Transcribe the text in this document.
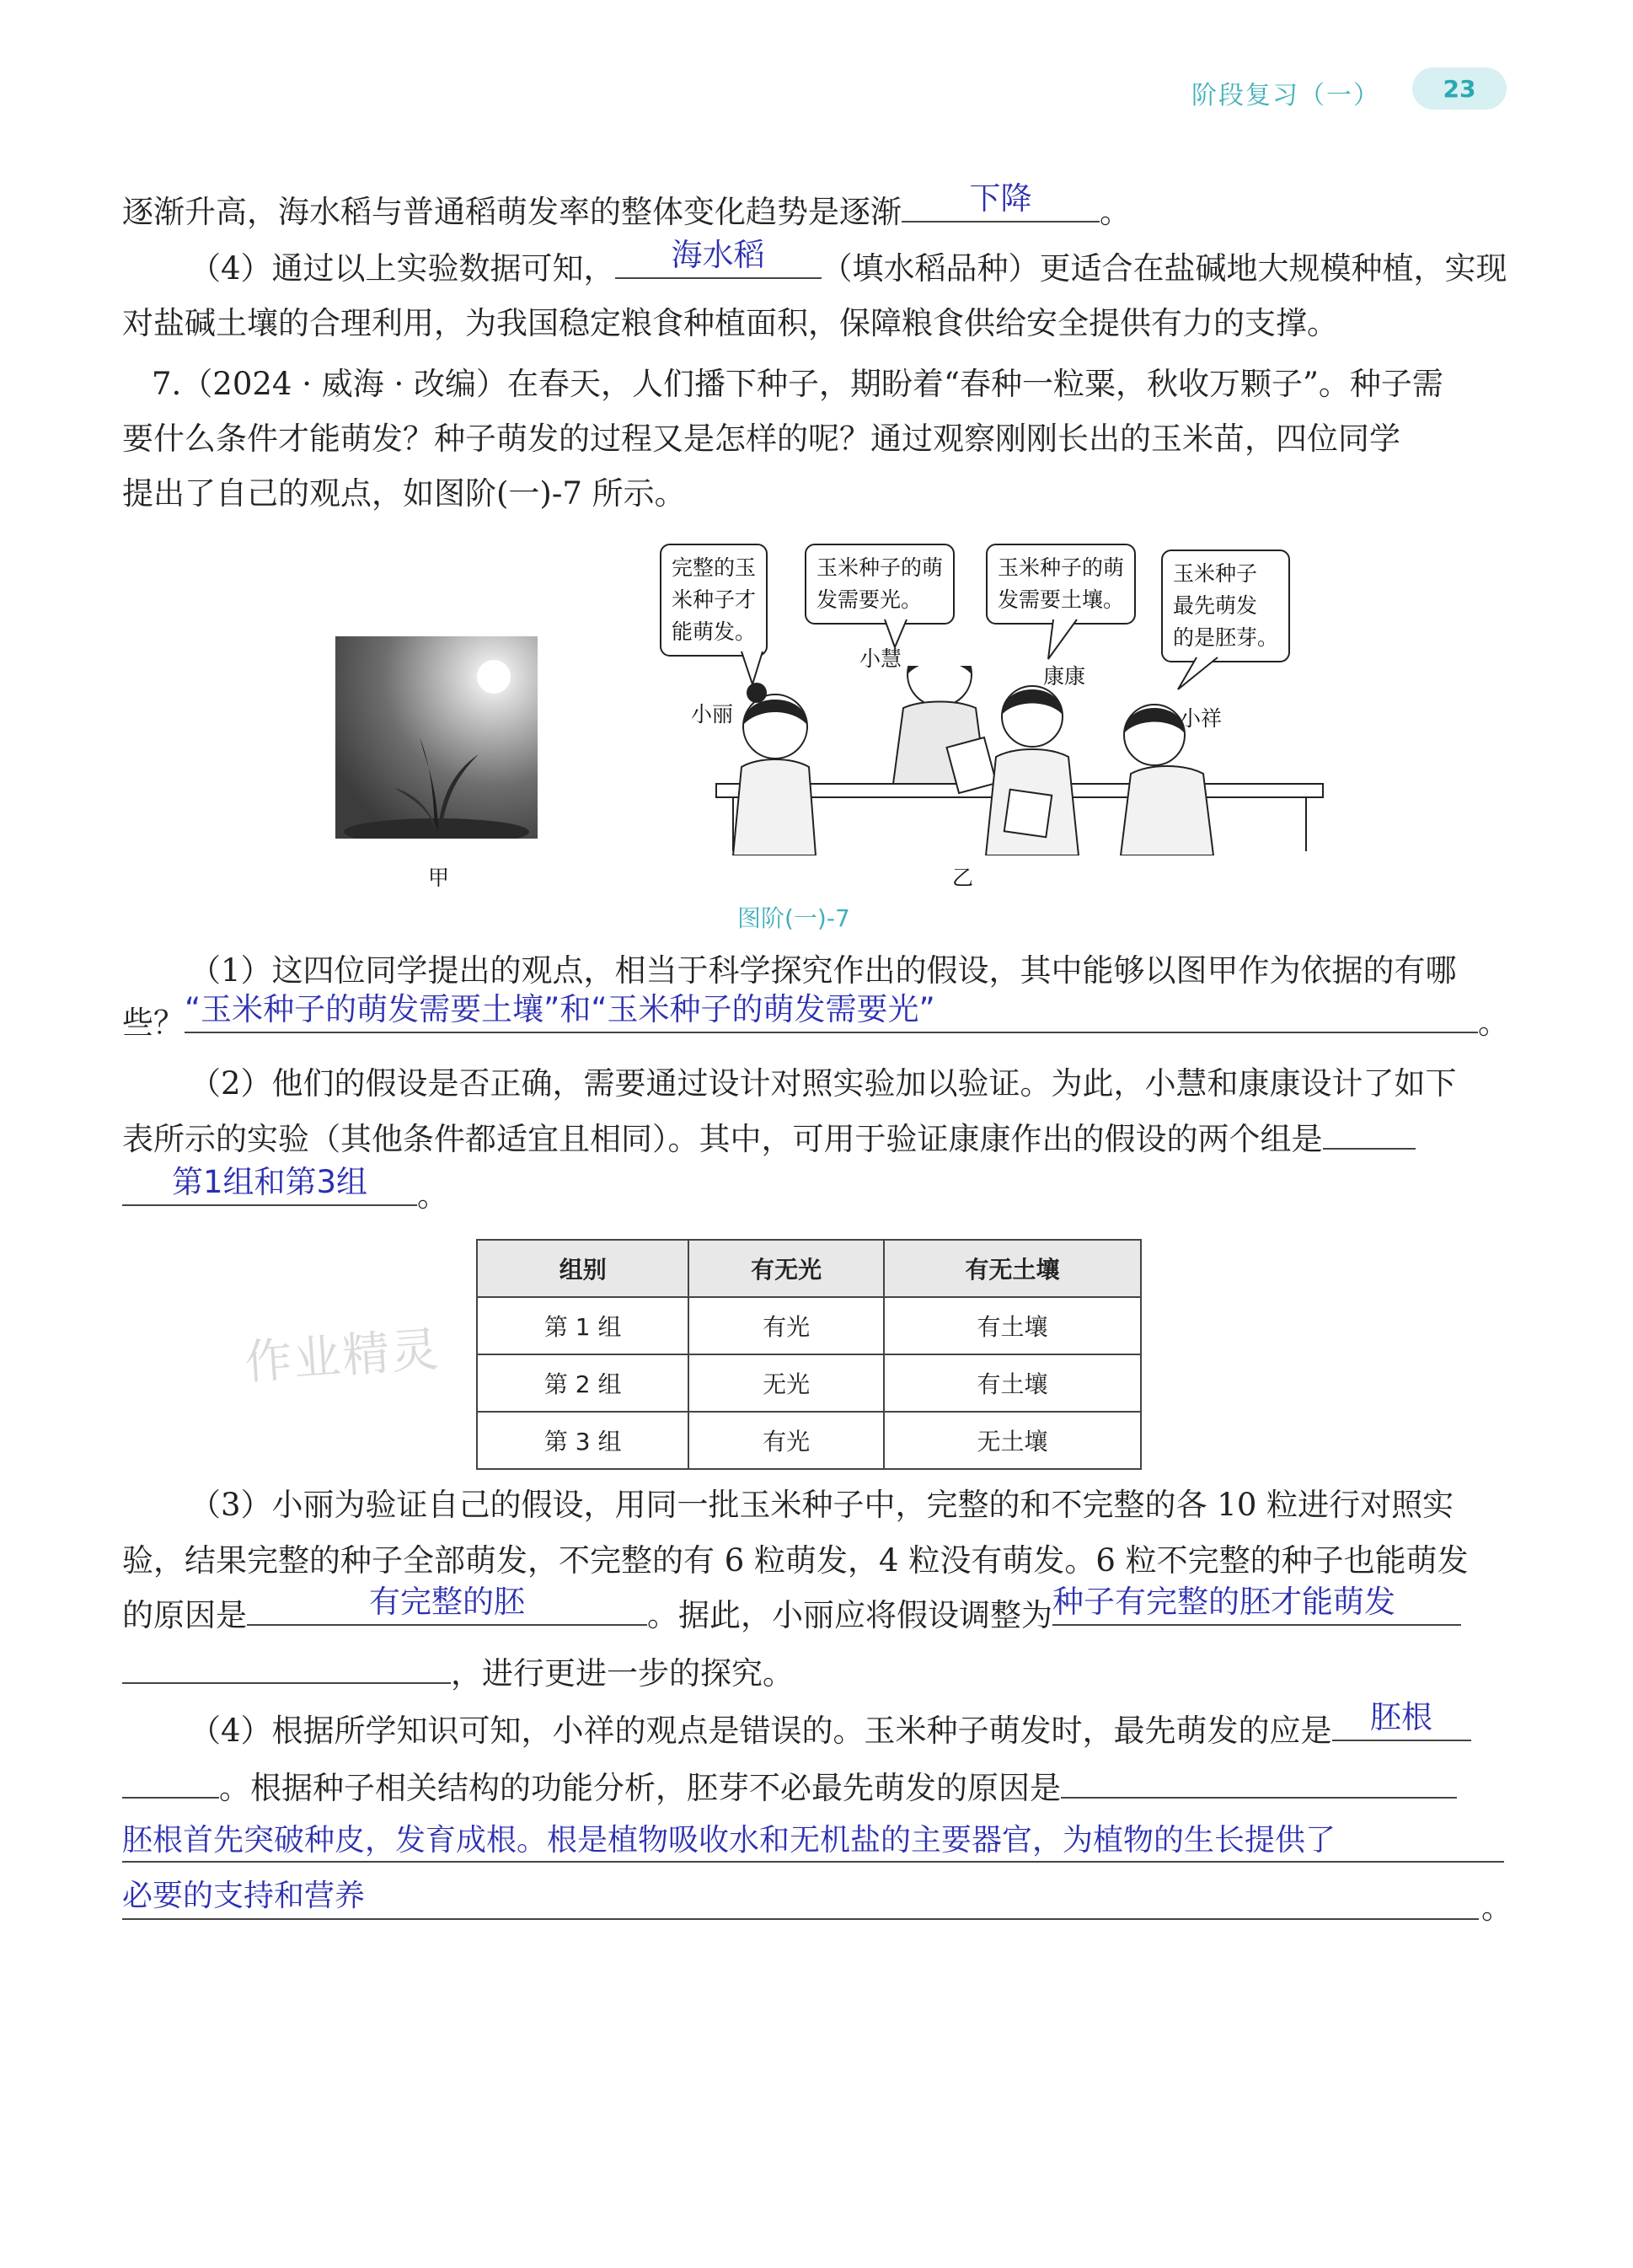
阶段复习（一）	23
逐渐升高，海水稻与普通稻萌发率的整体变化趋势是逐渐	下降	。
（4）通过以上实验数据可知，	海水稻	（填水稻品种）更适合在盐碱地大规模种植，实现
对盐碱土壤的合理利用，为我国稳定粮食种植面积，保障粮食供给安全提供有力的支撑。
7.（2024 · 威海 · 改编）在春天，人们播下种子，期盼着“春种一粒粟，秋收万颗子”。种子需
要什么条件才能萌发？种子萌发的过程又是怎样的呢？通过观察刚刚长出的玉米苗，四位同学
提出了自己的观点，如图阶(一)-7 所示。
甲
完整的玉
米种子才
能萌发。
玉米种子的萌
发需要光。
玉米种子的萌
发需要土壤。
玉米种子
最先萌发
的是胚芽。
小丽
小慧
康康
小祥
乙
图阶(一)-7
（1）这四位同学提出的观点，相当于科学探究作出的假设，其中能够以图甲作为依据的有哪
些？ “玉米种子的萌发需要土壤”和“玉米种子的萌发需要光”	。
（2）他们的假设是否正确，需要通过设计对照实验加以验证。为此，小慧和康康设计了如下
表所示的实验（其他条件都适宜且相同）。其中，可用于验证康康作出的假设的两个组是
第1组和第3组	。
作业精灵
组别	有无光	有无土壤
第 1 组	有光	有土壤
第 2 组	无光	有土壤
第 3 组	有光	无土壤
（3）小丽为验证自己的假设，用同一批玉米种子中，完整的和不完整的各 10 粒进行对照实
验，结果完整的种子全部萌发，不完整的有 6 粒萌发，4 粒没有萌发。6 粒不完整的种子也能萌发
的原因是	有完整的胚	。据此，小丽应将假设调整为 种子有完整的胚才能萌发
，进行更进一步的探究。
（4）根据所学知识可知，小祥的观点是错误的。玉米种子萌发时，最先萌发的应是	胚根
。根据种子相关结构的功能分析，胚芽不必最先萌发的原因是
胚根首先突破种皮，发育成根。根是植物吸收水和无机盐的主要器官，为植物的生长提供了
必要的支持和营养	。
